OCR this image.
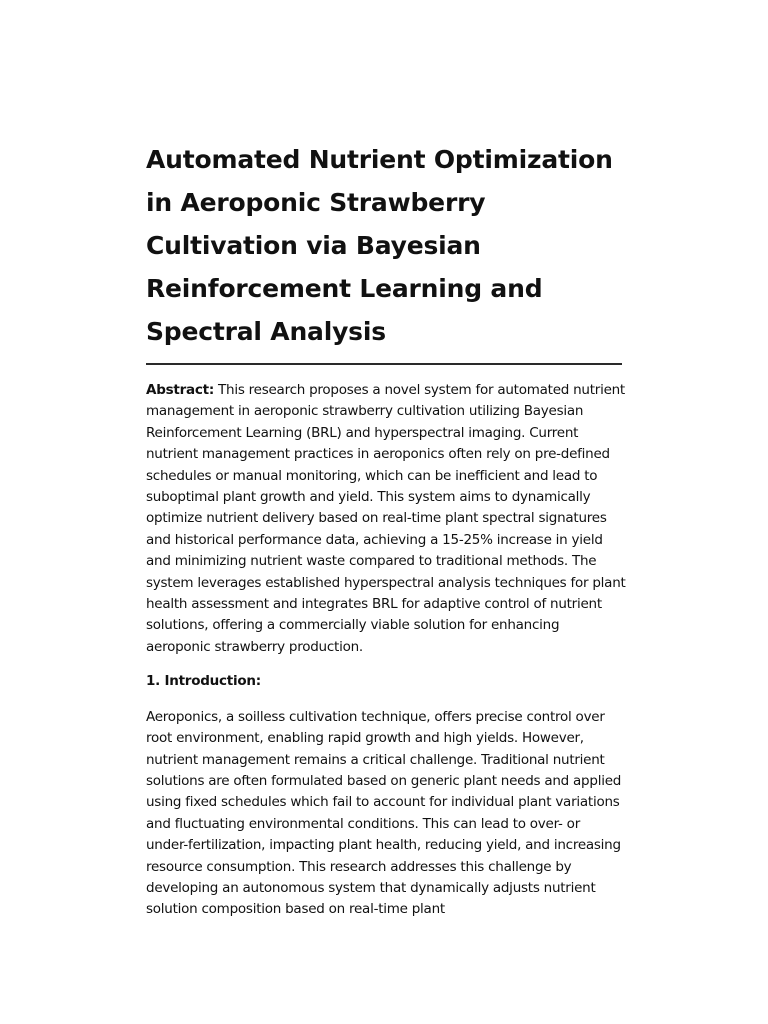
Automated Nutrient Optimization in Aeroponic Strawberry Cultivation via Bayesian Reinforcement Learning and Spectral Analysis

Abstract: This research proposes a novel system for automated nutrient management in aeroponic strawberry cultivation utilizing Bayesian Reinforcement Learning (BRL) and hyperspectral imaging. Current nutrient management practices in aeroponics often rely on pre-defined schedules or manual monitoring, which can be inefficient and lead to suboptimal plant growth and yield. This system aims to dynamically optimize nutrient delivery based on real-time plant spectral signatures and historical performance data, achieving a 15-25% increase in yield and minimizing nutrient waste compared to traditional methods. The system leverages established hyperspectral analysis techniques for plant health assessment and integrates BRL for adaptive control of nutrient solutions, offering a commercially viable solution for enhancing aeroponic strawberry production.

1. Introduction:

Aeroponics, a soilless cultivation technique, offers precise control over root environment, enabling rapid growth and high yields. However, nutrient management remains a critical challenge. Traditional nutrient solutions are often formulated based on generic plant needs and applied using fixed schedules which fail to account for individual plant variations and fluctuating environmental conditions. This can lead to over- or under-fertilization, impacting plant health, reducing yield, and increasing resource consumption. This research addresses this challenge by developing an autonomous system that dynamically adjusts nutrient solution composition based on real-time plant
